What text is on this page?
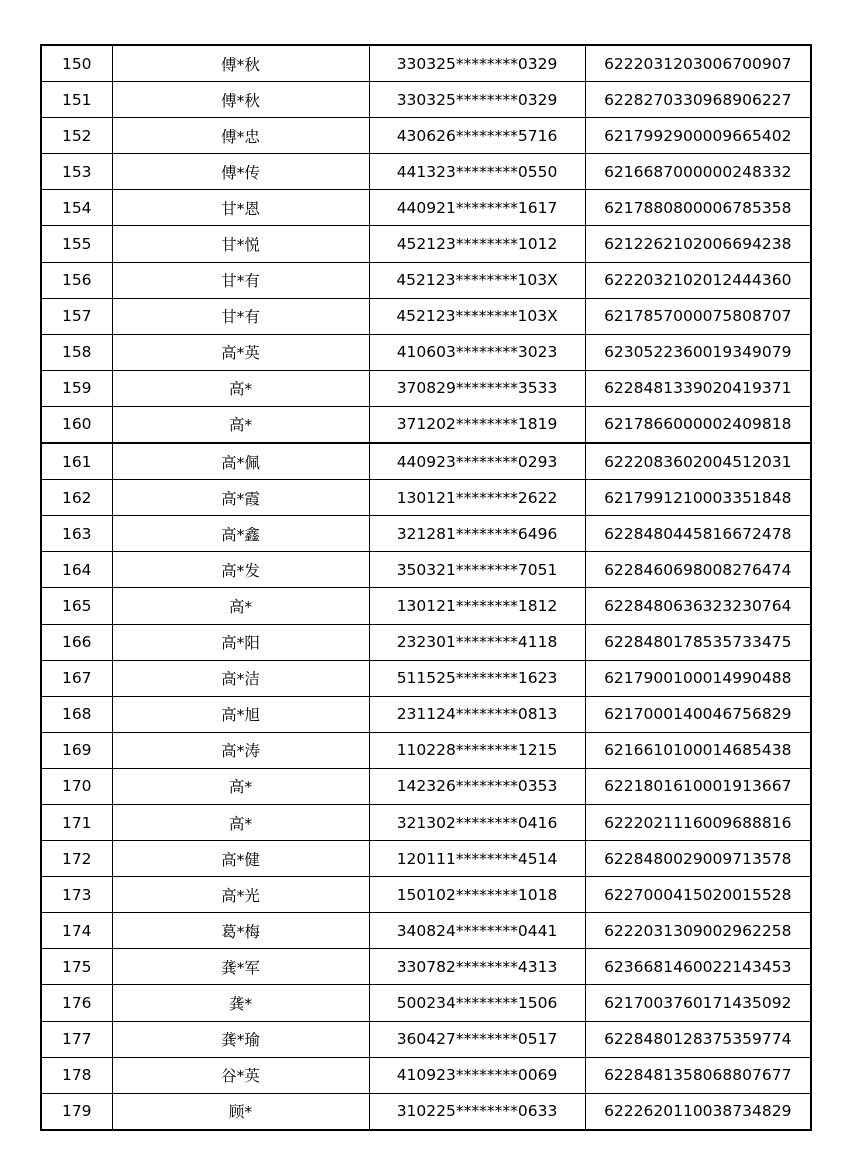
150	傅*秋	330325********0329	6222031203006700907
151	傅*秋	330325********0329	6228270330968906227
152	傅*忠	430626********5716	6217992900009665402
153	傅*传	441323********0550	6216687000000248332
154	甘*恩	440921********1617	6217880800006785358
155	甘*悦	452123********1012	6212262102006694238
156	甘*有	452123********103X	6222032102012444360
157	甘*有	452123********103X	6217857000075808707
158	高*英	410603********3023	6230522360019349079
159	高*	370829********3533	6228481339020419371
160	高*	371202********1819	6217866000002409818
161	高*佩	440923********0293	6222083602004512031
162	高*霞	130121********2622	6217991210003351848
163	高*鑫	321281********6496	6228480445816672478
164	高*发	350321********7051	6228460698008276474
165	高*	130121********1812	6228480636323230764
166	高*阳	232301********4118	6228480178535733475
167	高*洁	511525********1623	6217900100014990488
168	高*旭	231124********0813	6217000140046756829
169	高*涛	110228********1215	6216610100014685438
170	高*	142326********0353	6221801610001913667
171	高*	321302********0416	6222021116009688816
172	高*健	120111********4514	6228480029009713578
173	高*光	150102********1018	6227000415020015528
174	葛*梅	340824********0441	6222031309002962258
175	龚*军	330782********4313	6236681460022143453
176	龚*	500234********1506	6217003760171435092
177	龚*瑜	360427********0517	6228480128375359774
178	谷*英	410923********0069	6228481358068807677
179	顾*	310225********0633	6222620110038734829
